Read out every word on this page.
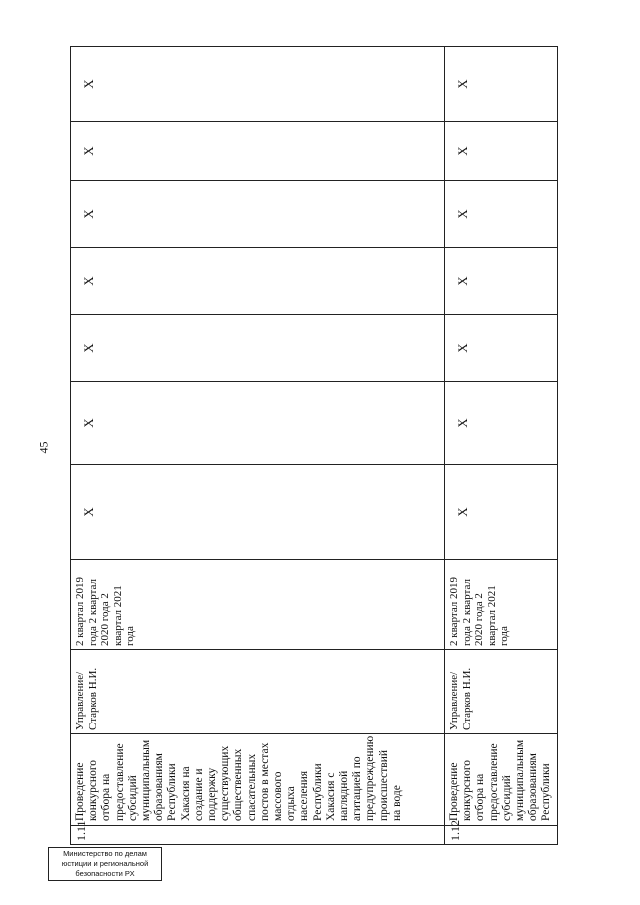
45
1.11	Проведение конкурсного отбора на предоставление субсидий муниципальным образованиям Республики Хакасия на создание и поддержку существующих общественных спасательных постов в местах массового отдыха населения Республики Хакасия с наглядной агитацией по предупреждению происшествий на воде	Управление/ Старков Н.И.	2 квартал 2019 года 2 квартал 2020 года 2 квартал 2021 года	X	X	X	X	X	X	X

1.12	Проведение конкурсного отбора на предоставление субсидий муниципальным образованиям Республики	Управление/ Старков Н.И.	2 квартал 2019 года 2 квартал 2020 года 2 квартал 2021 года	X	X	X	X	X	X	X
Министерство по делам
юстиции и региональной
безопасности РХ
